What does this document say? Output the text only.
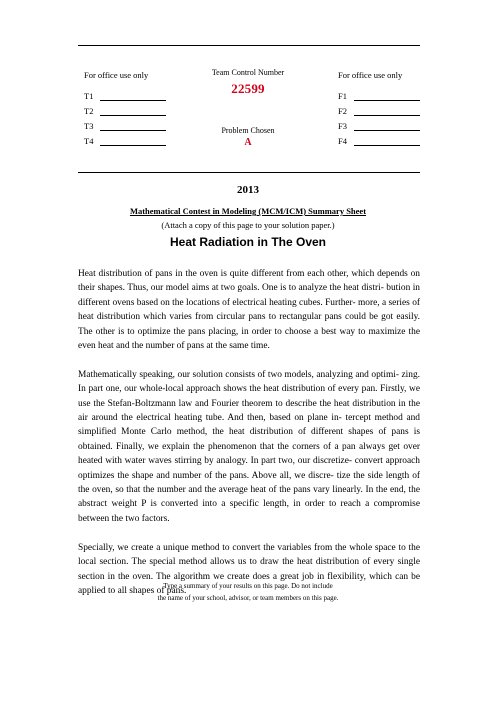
For office use only
T1
T2
T3
T4
Team Control Number
22599
Problem Chosen
A
For office use only
F1
F2
F3
F4
2013
Mathematical Contest in Modeling (MCM/ICM) Summary Sheet
(Attach a copy of this page to your solution paper.)
Heat Radiation in The Oven

Heat distribution of pans in the oven is quite different from each other, which depends on their shapes. Thus, our model aims at two goals. One is to analyze the heat distri- bution in different ovens based on the locations of electrical heating cubes. Further- more, a series of heat distribution which varies from circular pans to rectangular pans could be got easily. The other is to optimize the pans placing, in order to choose a best way to maximize the even heat and the number of pans at the same time.

Mathematically speaking, our solution consists of two models, analyzing and optimi- zing. In part one, our whole-local approach shows the heat distribution of every pan. Firstly, we use the Stefan-Boltzmann law and Fourier theorem to describe the heat distribution in the air around the electrical heating tube. And then, based on plane in- tercept method and simplified Monte Carlo method, the heat distribution of different shapes of pans is obtained. Finally, we explain the phenomenon that the corners of a pan always get over heated with water waves stirring by analogy. In part two, our discretize- convert approach optimizes the shape and number of the pans. Above all, we discre- tize the side length of the oven, so that the number and the average heat of the pans vary linearly. In the end, the abstract weight P is converted into a specific length, in order to reach a compromise between the two factors.

Specially, we create a unique method to convert the variables from the whole space to the local section. The special method allows us to draw the heat distribution of every single section in the oven. The algorithm we create does a great job in flexibility, which can be applied to all shapes of pans.

Type a summary of your results on this page. Do not include
the name of your school, advisor, or team members on this page.
